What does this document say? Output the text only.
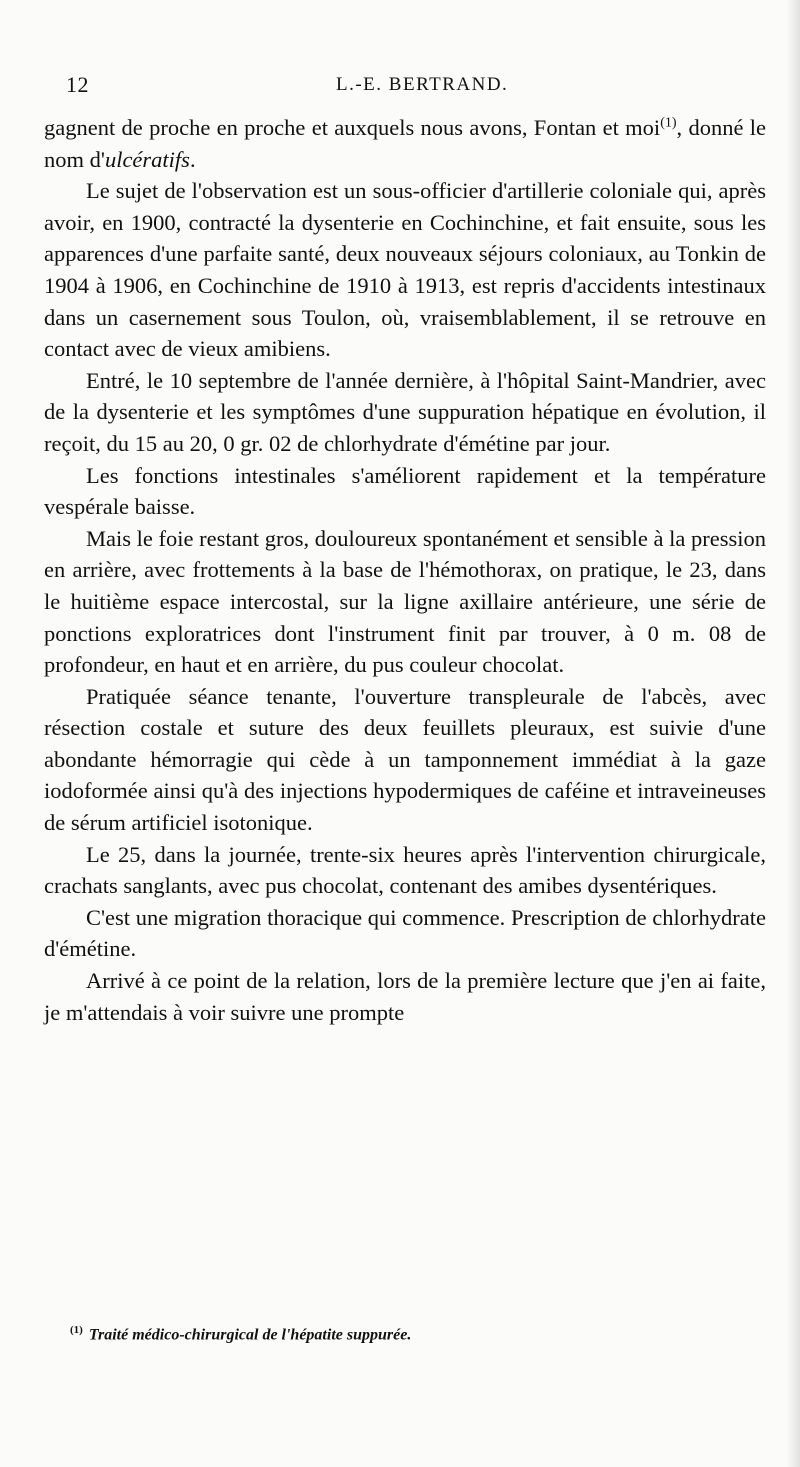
12	L.-E. BERTRAND.

gagnent de proche en proche et auxquels nous avons, Fontan et moi$^{(1)}$, donné le nom d'ulcératifs.

Le sujet de l'observation est un sous-officier d'artillerie coloniale qui, après avoir, en 1900, contracté la dysenterie en Cochinchine, et fait ensuite, sous les apparences d'une parfaite santé, deux nouveaux séjours coloniaux, au Tonkin de 1904 à 1906, en Cochinchine de 1910 à 1913, est repris d'accidents intestinaux dans un casernement sous Toulon, où, vraisemblablement, il se retrouve en contact avec de vieux amibiens.

Entré, le 10 septembre de l'année dernière, à l'hôpital Saint-Mandrier, avec de la dysenterie et les symptômes d'une suppuration hépatique en évolution, il reçoit, du 15 au 20, 0 gr. 02 de chlorhydrate d'émétine par jour.

Les fonctions intestinales s'améliorent rapidement et la température vespérale baisse.

Mais le foie restant gros, douloureux spontanément et sensible à la pression en arrière, avec frottements à la base de l'hémothorax, on pratique, le 23, dans le huitième espace intercostal, sur la ligne axillaire antérieure, une série de ponctions exploratrices dont l'instrument finit par trouver, à 0 m. 08 de profondeur, en haut et en arrière, du pus couleur chocolat.

Pratiquée séance tenante, l'ouverture transpleurale de l'abcès, avec résection costale et suture des deux feuillets pleuraux, est suivie d'une abondante hémorragie qui cède à un tamponnement immédiat à la gaze iodoformée ainsi qu'à des injections hypodermiques de caféine et intraveineuses de sérum artificiel isotonique.

Le 25, dans la journée, trente-six heures après l'intervention chirurgicale, crachats sanglants, avec pus chocolat, contenant des amibes dysentériques.

C'est une migration thoracique qui commence. Prescription de chlorhydrate d'émétine.

Arrivé à ce point de la relation, lors de la première lecture que j'en ai faite, je m'attendais à voir suivre une prompte

$^{(1)}$ Traité médico-chirurgical de l'hépatite suppurée.
